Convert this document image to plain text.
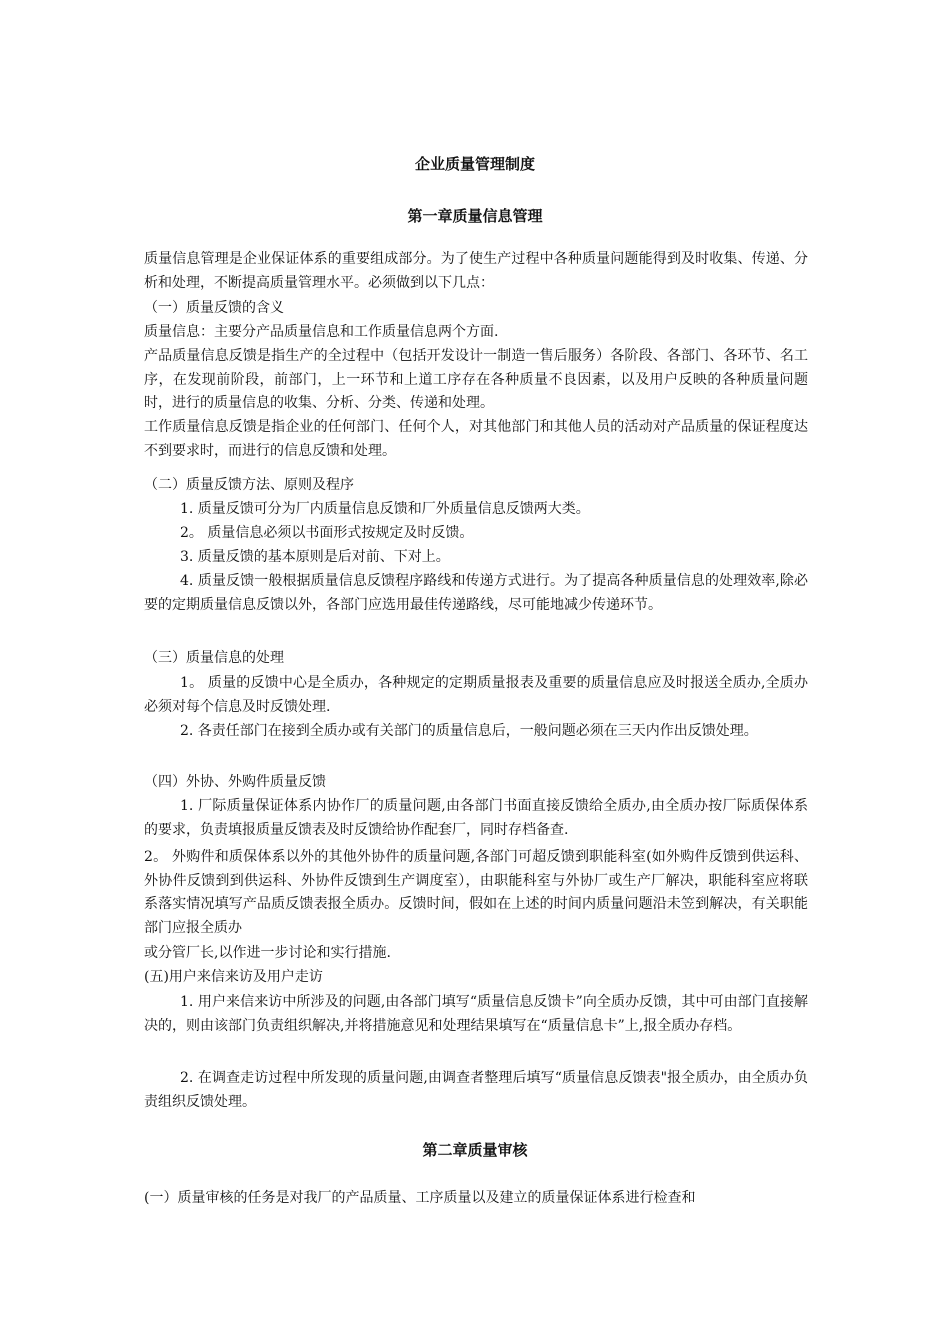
企业质量管理制度
第一章质量信息管理

质量信息管理是企业保证体系的重要组成部分。为了使生产过程中各种质量问题能得到及时收集、传递、分析和处理，不断提高质量管理水平。必须做到以下几点：

（一）质量反馈的含义

质量信息：主要分产品质量信息和工作质量信息两个方面.

产品质量信息反馈是指生产的全过程中（包括开发设计一制造一售后服务）各阶段、各部门、各环节、名工序，在发现前阶段，前部门，上一环节和上道工序存在各种质量不良因素，以及用户反映的各种质量问题时，进行的质量信息的收集、分析、分类、传递和处理。

工作质量信息反馈是指企业的任何部门、任何个人，对其他部门和其他人员的活动对产品质量的保证程度达不到要求时，而进行的信息反馈和处理。

（二）质量反馈方法、原则及程序

1. 质量反馈可分为厂内质量信息反馈和厂外质量信息反馈两大类。

2。 质量信息必须以书面形式按规定及时反馈。

3. 质量反馈的基本原则是后对前、下对上。

4. 质量反馈一般根据质量信息反馈程序路线和传递方式进行。为了提高各种质量信息的处理效率,除必要的定期质量信息反馈以外，各部门应选用最佳传递路线，尽可能地减少传递环节。

（三）质量信息的处理

1。 质量的反馈中心是全质办，各种规定的定期质量报表及重要的质量信息应及时报送全质办,全质办必须对每个信息及时反馈处理.

2. 各责任部门在接到全质办或有关部门的质量信息后，一般问题必须在三天内作出反馈处理。

（四）外协、外购件质量反馈

1. 厂际质量保证体系内协作厂的质量问题,由各部门书面直接反馈给全质办,由全质办按厂际质保体系的要求，负责填报质量反馈表及时反馈给协作配套厂，同时存档备查.

2。 外购件和质保体系以外的其他外协件的质量问题,各部门可超反馈到职能科室(如外购件反馈到供运科、外协件反馈到到供运科、外协件反馈到生产调度室），由职能科室与外协厂或生产厂解决，职能科室应将联系落实情况填写产品质反馈表报全质办。反馈时间，假如在上述的时间内质量问题沿未笠到解决，有关职能部门应报全质办

或分管厂长,以作进一步讨论和实行措施.

(五)用户来信来访及用户走访

1. 用户来信来访中所涉及的问题,由各部门填写“质量信息反馈卡”向全质办反馈，其中可由部门直接解决的，则由该部门负责组织解决,并将措施意见和处理结果填写在“质量信息卡”上,报全质办存档。

2. 在调查走访过程中所发现的质量问题,由调查者整理后填写“质量信息反馈表"报全质办，由全质办负责组织反馈处理。

第二章质量审核

(一）质量审核的任务是对我厂的产品质量、工序质量以及建立的质量保证体系进行检查和
